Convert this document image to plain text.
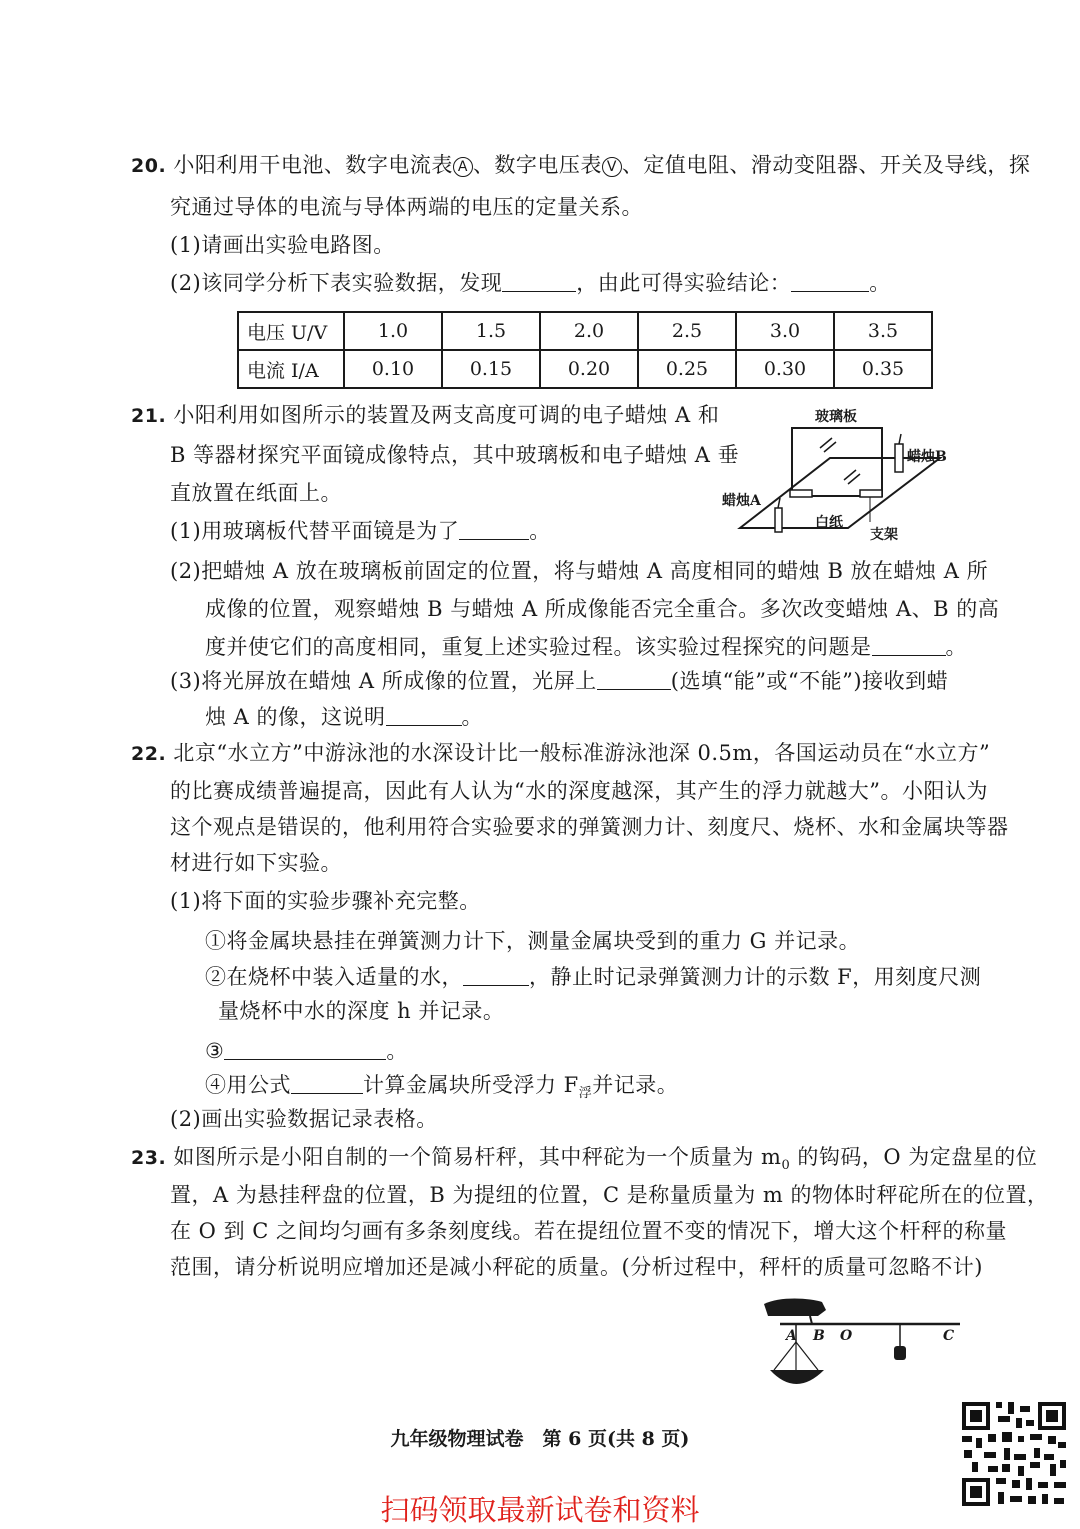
20. 小阳利用干电池、数字电流表 A 、数字电压表 V 、定值电阻、滑动变阻器、开关及导线，探
究通过导体的电流与导体两端的电压的定量关系。
(1)请画出实验电路图。
(2)该同学分析下表实验数据，发现	，由此可得实验结论：	。
电压 U/V	1.0	1.5	2.0	2.5	3.0	3.5
电流 I/A	0.10	0.15	0.20	0.25	0.30	0.35
21. 小阳利用如图所示的装置及两支高度可调的电子蜡烛 A 和
B 等器材探究平面镜成像特点，其中玻璃板和电子蜡烛 A 垂
直放置在纸面上。
(1)用玻璃板代替平面镜是为了	。
(2)把蜡烛 A 放在玻璃板前固定的位置，将与蜡烛 A 高度相同的蜡烛 B 放在蜡烛 A 所
成像的位置，观察蜡烛 B 与蜡烛 A 所成像能否完全重合。多次改变蜡烛 A、B 的高
度并使它们的高度相同，重复上述实验过程。该实验过程探究的问题是	。
(3)将光屏放在蜡烛 A 所成像的位置，光屏上	(选填“能”或“不能”)接收到蜡
烛 A 的像，这说明	。
玻璃板
蜡烛B
蜡烛A
白纸
支架
22. 北京“水立方”中游泳池的水深设计比一般标准游泳池深 0.5m，各国运动员在“水立方”
的比赛成绩普遍提高，因此有人认为“水的深度越深，其产生的浮力就越大”。小阳认为
这个观点是错误的，他利用符合实验要求的弹簧测力计、刻度尺、烧杯、水和金属块等器
材进行如下实验。
(1)将下面的实验步骤补充完整。
①将金属块悬挂在弹簧测力计下，测量金属块受到的重力 G 并记录。
②在烧杯中装入适量的水，	，静止时记录弹簧测力计的示数 F，用刻度尺测
量烧杯中水的深度 h 并记录。
③	。
④用公式	计算金属块所受浮力 $F_浮$并记录。
(2)画出实验数据记录表格。
23. 如图所示是小阳自制的一个简易杆秤，其中秤砣为一个质量为 $m_0$ 的钩码，O 为定盘星的位
置，A 为悬挂秤盘的位置，B 为提纽的位置，C 是称量质量为 m 的物体时秤砣所在的位置，
在 O 到 C 之间均匀画有多条刻度线。若在提纽位置不变的情况下，增大这个杆秤的称量
范围，请分析说明应增加还是减小秤砣的质量。(分析过程中，秤杆的质量可忽略不计)
A B O	C
九年级物理试卷　第 6 页(共 8 页)
扫码领取最新试卷和资料
